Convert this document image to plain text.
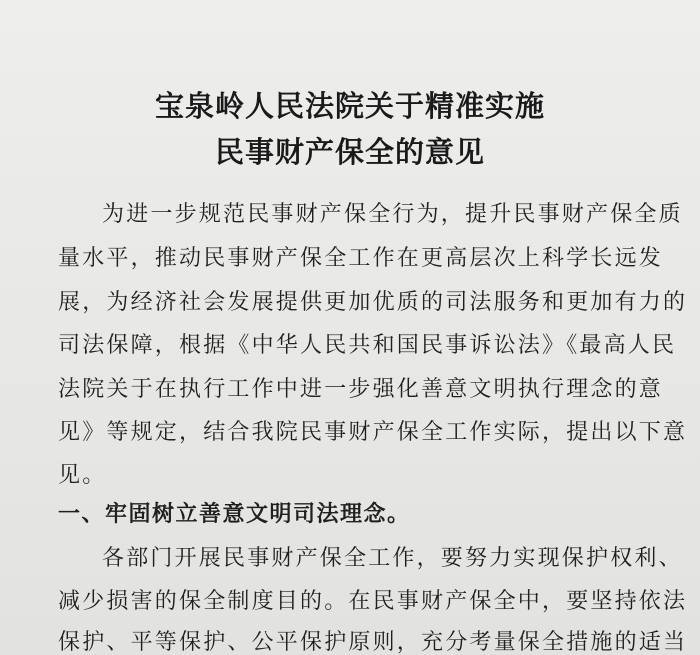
宝泉岭人民法院关于精准实施
民事财产保全的意见
为进一步规范民事财产保全行为，提升民事财产保全质
量水平，推动民事财产保全工作在更高层次上科学长远发
展，为经济社会发展提供更加优质的司法服务和更加有力的
司法保障，根据《中华人民共和国民事诉讼法》《最高人民
法院关于在执行工作中进一步强化善意文明执行理念的意
见》等规定，结合我院民事财产保全工作实际，提出以下意
见。
一、牢固树立善意文明司法理念。
各部门开展民事财产保全工作，要努力实现保护权利、
减少损害的保全制度目的。在民事财产保全中，要坚持依法
保护、平等保护、公平保护原则，充分考量保全措施的适当
